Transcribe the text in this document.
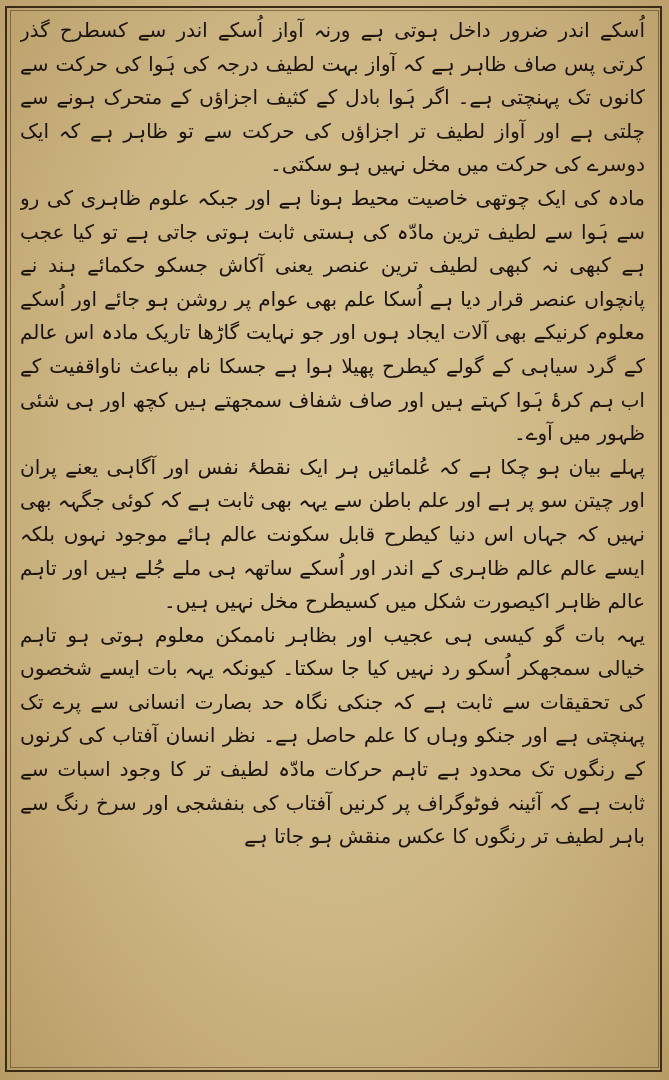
اُسکے اندر ضرور داخل ہوتی ہے ورنہ آواز اُسکے اندر سے کسطرح گذر کرتی پس صاف ظاہر ہے کہ آواز بہت لطیف درجہ کی ہَوا کی حرکت سے کانوں تک پہنچتی ہے۔ اگر ہَوا بادل کے کثیف اجزاؤں کے متحرک ہونے سے چلتی ہے اور آواز لطیف تر اجزاؤں کی حرکت سے تو ظاہر ہے کہ ایک دوسرے کی حرکت میں مخل نہیں ہو سکتی۔

مادہ کی ایک چوتھی خاصیت محیط ہونا ہے اور جبکہ علوم ظاہری کی رو سے ہَوا سے لطیف ترین مادّہ کی ہستی ثابت ہوتی جاتی ہے تو کیا عجب ہے کبھی نہ کبھی لطیف ترین عنصر یعنی آکاش جسکو حکمائے ہند نے پانچواں عنصر قرار دیا ہے اُسکا علم بھی عوام پر روشن ہو جائے اور اُسکے معلوم کرنیکے بھی آلات ایجاد ہوں اور جو نہایت گاڑھا تاریک مادہ اس عالم کے گرد سیاہی کے گولے کیطرح پھیلا ہوا ہے جسکا نام بباعث ناواقفیت کے اب ہم کرۂ ہَوا کہتے ہیں اور صاف شفاف سمجھتے ہیں کچھ اور ہی شئی ظہور میں آوے۔

پہلے بیان ہو چکا ہے کہ عُلمائیں ہر ایک نقطۂ نفس اور آگاہی یعنے پران اور چیتن سو پر ہے اور علم باطن سے یہہ بھی ثابت ہے کہ کوئی جگہہ بھی نہیں کہ جہاں اس دنیا کیطرح قابل سکونت عالم ہائے موجود نہوں بلکہ ایسے عالم عالم ظاہری کے اندر اور اُسکے ساتھہ ہی ملے جُلے ہیں اور تاہم عالم ظاہر اکیصورت شکل میں کسیطرح مخل نہیں ہیں۔

یہہ بات گو کیسی ہی عجیب اور بظاہر ناممکن معلوم ہوتی ہو تاہم خیالی سمجھکر اُسکو رد نہیں کیا جا سکتا۔ کیونکہ یہہ بات ایسے شخصوں کی تحقیقات سے ثابت ہے کہ جنکی نگاہ حد بصارت انسانی سے پرے تک پہنچتی ہے اور جنکو وہاں کا علم حاصل ہے۔ نظر انسان آفتاب کی کرنوں کے رنگوں تک محدود ہے تاہم حرکات مادّہ لطیف تر کا وجود اسبات سے ثابت ہے کہ آئینہ فوٹوگراف پر کرنیں آفتاب کی بنفشجی اور سرخ رنگ سے باہر لطیف تر رنگوں کا عکس منقش ہو جاتا ہے
